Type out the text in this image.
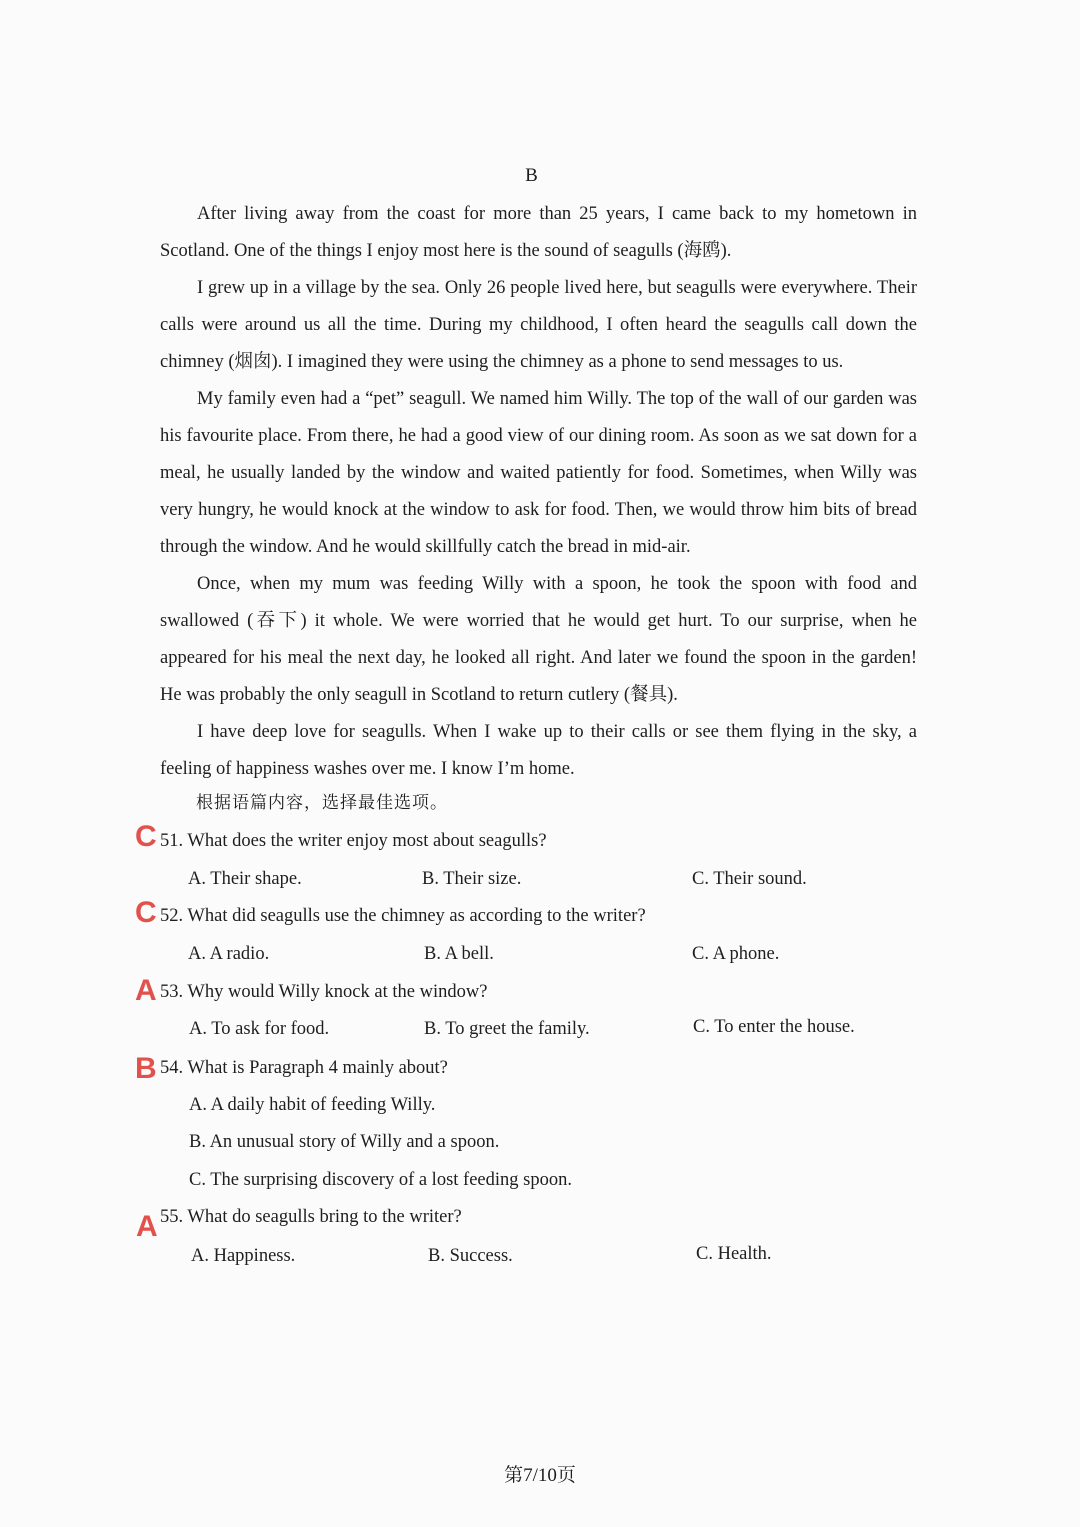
B

After living away from the coast for more than 25 years, I came back to my hometown in Scotland. One of the things I enjoy most here is the sound of seagulls (海鸥).

I grew up in a village by the sea. Only 26 people lived here, but seagulls were everywhere. Their calls were around us all the time. During my childhood, I often heard the seagulls call down the chimney (烟囱). I imagined they were using the chimney as a phone to send messages to us.

My family even had a “pet” seagull. We named him Willy. The top of the wall of our garden was his favourite place. From there, he had a good view of our dining room. As soon as we sat down for a meal, he usually landed by the window and waited patiently for food. Sometimes, when Willy was very hungry, he would knock at the window to ask for food. Then, we would throw him bits of bread through the window. And he would skillfully catch the bread in mid-air.

Once, when my mum was feeding Willy with a spoon, he took the spoon with food and swallowed (吞下) it whole. We were worried that he would get hurt. To our surprise, when he appeared for his meal the next day, he looked all right. And later we found the spoon in the garden! He was probably the only seagull in Scotland to return cutlery (餐具).

I have deep love for seagulls. When I wake up to their calls or see them flying in the sky, a feeling of happiness washes over me. I know I’m home.

根据语篇内容，选择最佳选项。
C 51. What does the writer enjoy most about seagulls?
A. Their shape.	B. Their size.	C. Their sound.
C 52. What did seagulls use the chimney as according to the writer?
A. A radio.	B. A bell.	C. A phone.
A 53. Why would Willy knock at the window?
A. To ask for food.	B. To greet the family.	C. To enter the house.
B 54. What is Paragraph 4 mainly about?
A. A daily habit of feeding Willy.
B. An unusual story of Willy and a spoon.
C. The surprising discovery of a lost feeding spoon.
A 55. What do seagulls bring to the writer?
A. Happiness.	B. Success.	C. Health.
第7/10页
